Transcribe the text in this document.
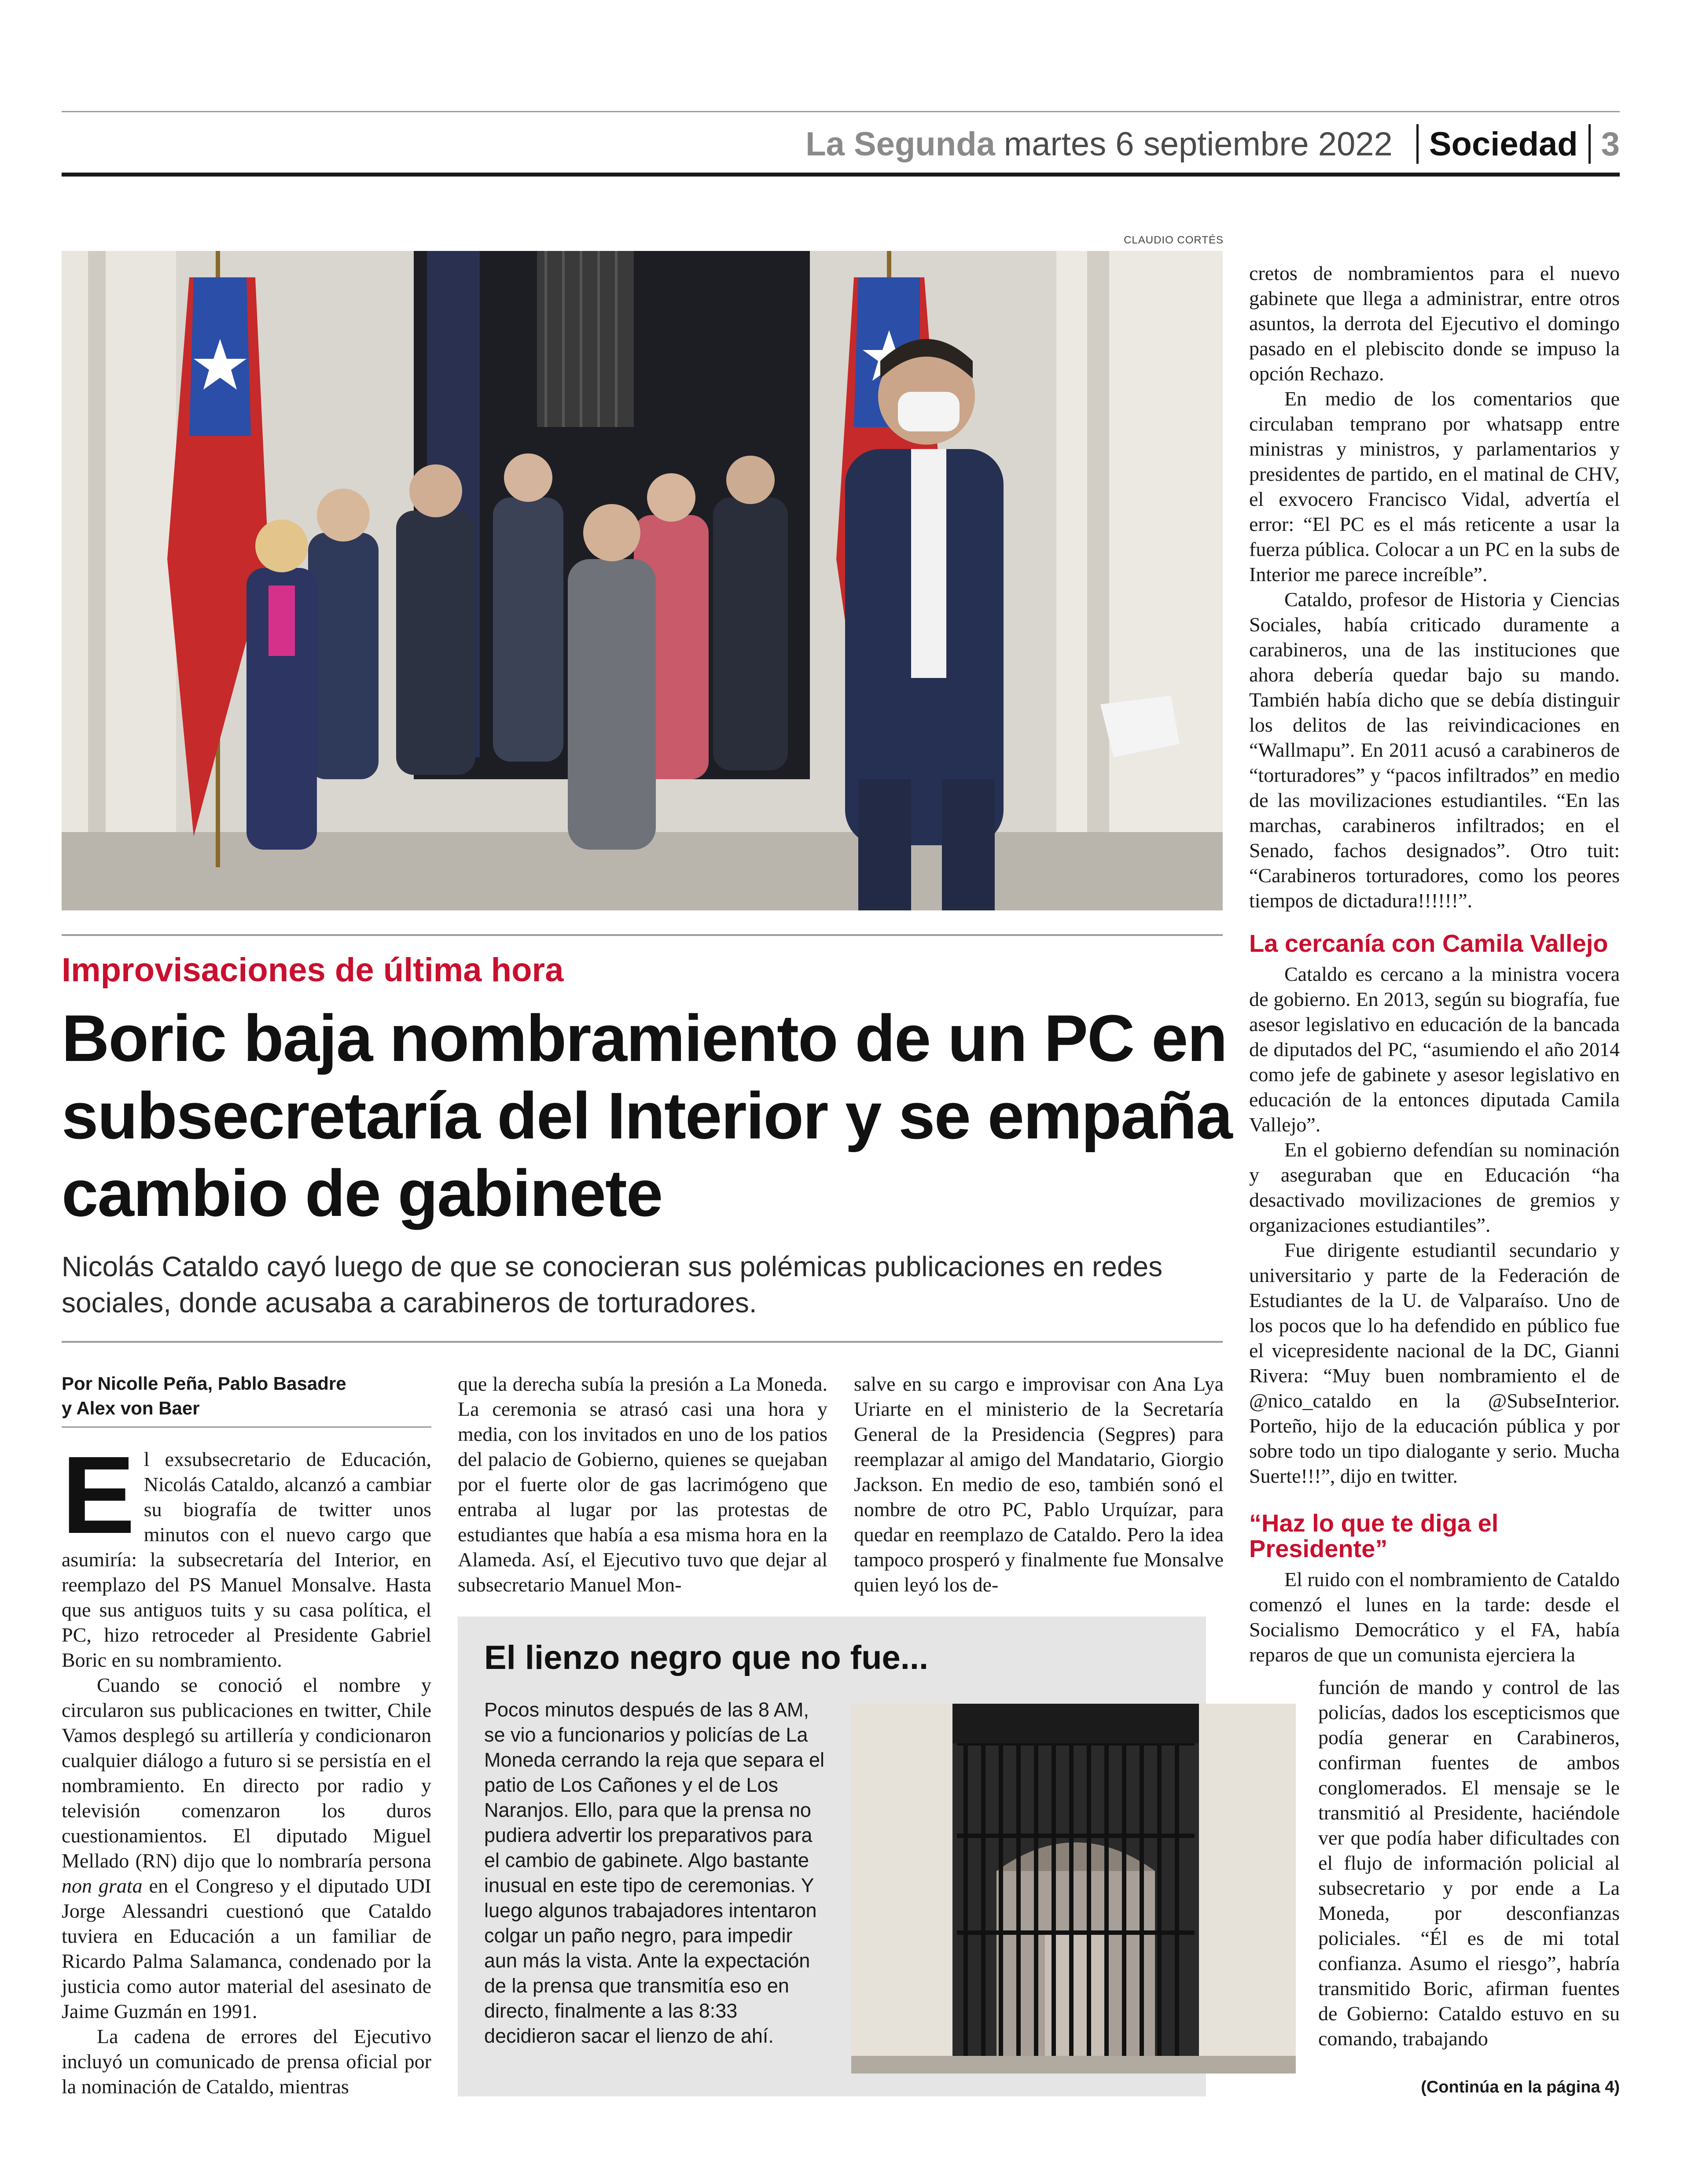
La Segunda martes 6 septiembre 2022 Sociedad 3
CLAUDIO CORTÉS
Improvisaciones de última hora
Boric baja nombramiento de un PC en subsecretaría del Interior y se empaña cambio de gabinete
Nicolás Cataldo cayó luego de que se conocieran sus polémicas publicaciones en redes sociales, donde acusaba a carabineros de torturadores.
Por Nicolle Peña, Pablo Basadre
y Alex von Baer

El exsubsecretario de Educación, Nicolás Cataldo, alcanzó a cambiar su biografía de twitter unos minutos con el nuevo cargo que asumiría: la subsecretaría del Interior, en reemplazo del PS Manuel Monsalve. Hasta que sus antiguos tuits y su casa política, el PC, hizo retroceder al Presidente Gabriel Boric en su nombramiento.

Cuando se conoció el nombre y circularon sus publicaciones en twitter, Chile Vamos desplegó su artillería y condicionaron cualquier diálogo a futuro si se persistía en el nombramiento. En directo por radio y televisión comenzaron los duros cuestionamientos. El diputado Miguel Mellado (RN) dijo que lo nombraría persona non grata en el Congreso y el diputado UDI Jorge Alessandri cuestionó que Cataldo tuviera en Educación a un familiar de Ricardo Palma Salamanca, condenado por la justicia como autor material del asesinato de Jaime Guzmán en 1991.

La cadena de errores del Ejecutivo incluyó un comunicado de prensa oficial por la nominación de Cataldo, mientras

que la derecha subía la presión a La Moneda. La ceremonia se atrasó casi una hora y media, con los invitados en uno de los patios del palacio de Gobierno, quienes se quejaban por el fuerte olor de gas lacrimógeno que entraba al lugar por las protestas de estudiantes que había a esa misma hora en la Alameda. Así, el Ejecutivo tuvo que dejar al subsecretario Manuel Mon-

salve en su cargo e improvisar con Ana Lya Uriarte en el ministerio de la Secretaría General de la Presidencia (Segpres) para reemplazar al amigo del Mandatario, Giorgio Jackson. En medio de eso, también sonó el nombre de otro PC, Pablo Urquízar, para quedar en reemplazo de Cataldo. Pero la idea tampoco prosperó y finalmente fue Monsalve quien leyó los de-

cretos de nombramientos para el nuevo gabinete que llega a administrar, entre otros asuntos, la derrota del Ejecutivo el domingo pasado en el plebiscito donde se impuso la opción Rechazo.

En medio de los comentarios que circulaban temprano por whatsapp entre ministras y ministros, y parlamentarios y presidentes de partido, en el matinal de CHV, el exvocero Francisco Vidal, advertía el error: “El PC es el más reticente a usar la fuerza pública. Colocar a un PC en la subs de Interior me parece increíble”.

Cataldo, profesor de Historia y Ciencias Sociales, había criticado duramente a carabineros, una de las instituciones que ahora debería quedar bajo su mando. También había dicho que se debía distinguir los delitos de las reivindicaciones en “Wallmapu”. En 2011 acusó a carabineros de “torturadores” y “pacos infiltrados” en medio de las movilizaciones estudiantiles. “En las marchas, carabineros infiltrados; en el Senado, fachos designados”. Otro tuit: “Carabineros torturadores, como los peores tiempos de dictadura!!!!!!”.

La cercanía con Camila Vallejo

Cataldo es cercano a la ministra vocera de gobierno. En 2013, según su biografía, fue asesor legislativo en educación de la bancada de diputados del PC, “asumiendo el año 2014 como jefe de gabinete y asesor legislativo en educación de la entonces diputada Camila Vallejo”.

En el gobierno defendían su nominación y aseguraban que en Educación “ha desactivado movilizaciones de gremios y organizaciones estudiantiles”.

Fue dirigente estudiantil secundario y universitario y parte de la Federación de Estudiantes de la U. de Valparaíso. Uno de los pocos que lo ha defendido en público fue el vicepresidente nacional de la DC, Gianni Rivera: “Muy buen nombramiento el de @nico_cataldo en la @SubseInterior. Porteño, hijo de la educación pública y por sobre todo un tipo dialogante y serio. Mucha Suerte!!!”, dijo en twitter.

“Haz lo que te diga el Presidente”

El ruido con el nombramiento de Cataldo comenzó el lunes en la tarde: desde el Socialismo Democrático y el FA, había reparos de que un comunista ejerciera la

función de mando y control de las policías, dados los escepticismos que podía generar en Carabineros, confirman fuentes de ambos conglomerados. El mensaje se le transmitió al Presidente, haciéndole ver que podía haber dificultades con el flujo de información policial al subsecretario y por ende a La Moneda, por desconfianzas policiales. “Él es de mi total confianza. Asumo el riesgo”, habría transmitido Boric, afirman fuentes de Gobierno: Cataldo estuvo en su comando, trabajando

(Continúa en la página 4)
El lienzo negro que no fue...
Pocos minutos después de las 8 AM, se vio a funcionarios y policías de La Moneda cerrando la reja que separa el patio de Los Cañones y el de Los Naranjos. Ello, para que la prensa no pudiera advertir los preparativos para el cambio de gabinete. Algo bastante inusual en este tipo de ceremonias. Y luego algunos trabajadores intentaron colgar un paño negro, para impedir aun más la vista. Ante la expectación de la prensa que transmitía eso en directo, finalmente a las 8:33 decidieron sacar el lienzo de ahí.
